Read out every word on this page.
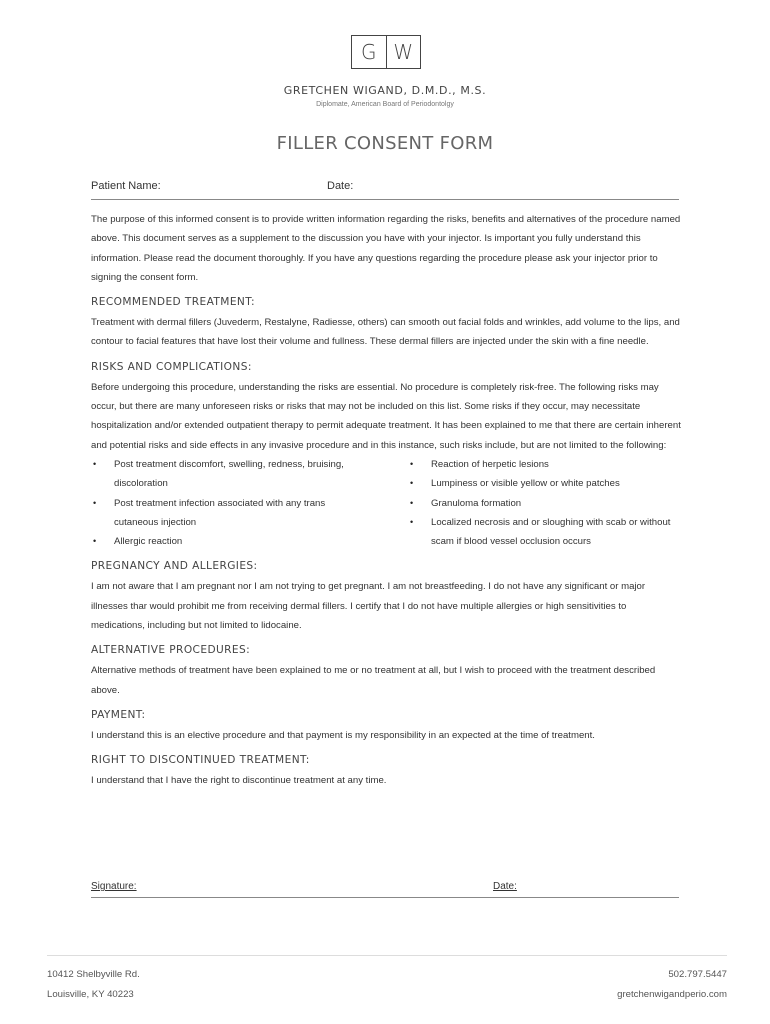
G W
GRETCHEN WIGAND, D.M.D., M.S.
Diplomate, American Board of Periodontolgy
FILLER CONSENT FORM
Patient Name:	Date:

The purpose of this informed consent is to provide written information regarding the risks, benefits and alternatives of the procedure named above. This document serves as a supplement to the discussion you have with your injector. Is important you fully understand this information. Please read the document thoroughly. If you have any questions regarding the procedure please ask your injector prior to signing the consent form.

RECOMMENDED TREATMENT:

Treatment with dermal fillers (Juvederm, Restalyne, Radiesse, others) can smooth out facial folds and wrinkles, add volume to the lips, and contour to facial features that have lost their volume and fullness. These dermal fillers are injected under the skin with a fine needle.

RISKS AND COMPLICATIONS:

Before undergoing this procedure, understanding the risks are essential. No procedure is completely risk-free. The following risks may occur, but there are many unforeseen risks or risks that may not be included on this list. Some risks if they occur, may necessitate hospitalization and/or extended outpatient therapy to permit adequate treatment. It has been explained to me that there are certain inherent and potential risks and side effects in any invasive procedure and in this instance, such risks include, but are not limited to the following:

• Post treatment discomfort, swelling, redness, bruising, discoloration
• Post treatment infection associated with any trans cutaneous injection
• Allergic reaction
• Reaction of herpetic lesions
• Lumpiness or visible yellow or white patches
• Granuloma formation
• Localized necrosis and or sloughing with scab or without scam if blood vessel occlusion occurs
PREGNANCY AND ALLERGIES:

I am not aware that I am pregnant nor I am not trying to get pregnant. I am not breastfeeding. I do not have any significant or major illnesses thar would prohibit me from receiving dermal fillers. I certify that I do not have multiple allergies or high sensitivities to medications, including but not limited to lidocaine.

ALTERNATIVE PROCEDURES:

Alternative methods of treatment have been explained to me or no treatment at all, but I wish to proceed with the treatment described above.

PAYMENT:

I understand this is an elective procedure and that payment is my responsibility in an expected at the time of treatment.

RIGHT TO DISCONTINUED TREATMENT:

I understand that I have the right to discontinue treatment at any time.

Signature:	Date:
10412 Shelbyville Rd.
Louisville, KY 40223
502.797.5447
gretchenwigandperio.com
